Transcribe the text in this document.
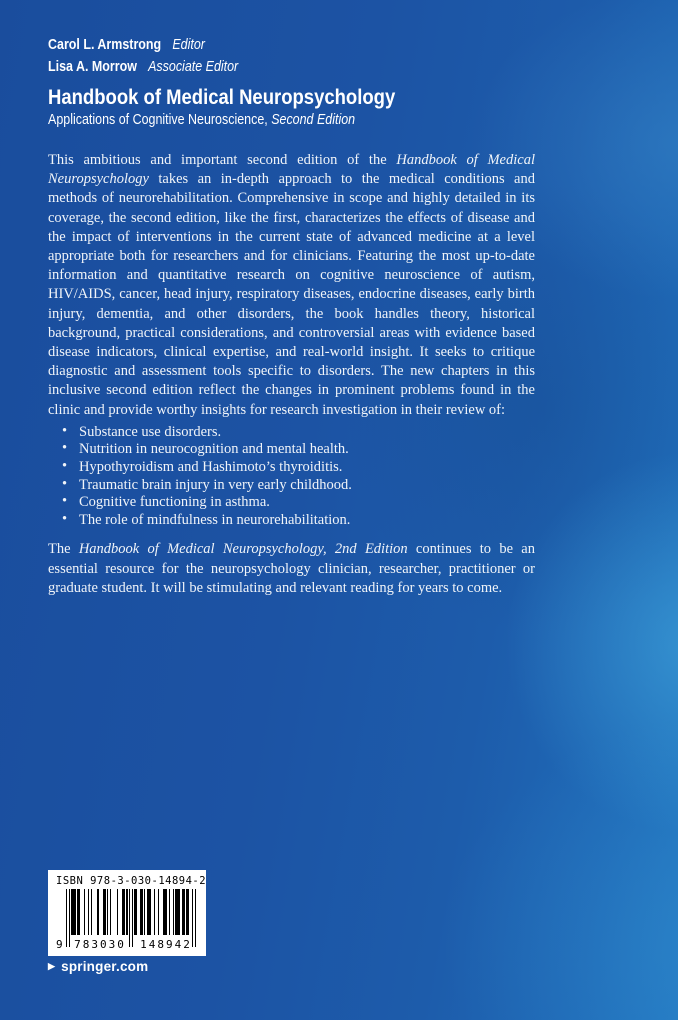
Carol L. Armstrong Editor
Lisa A. Morrow Associate Editor
Handbook of Medical Neuropsychology
Applications of Cognitive Neuroscience, Second Edition

This ambitious and important second edition of the Handbook of Medical Neuropsychology takes an in-depth approach to the medical conditions and methods of neurorehabilitation. Comprehensive in scope and highly detailed in its coverage, the second edition, like the first, characterizes the effects of disease and the impact of interventions in the current state of advanced medicine at a level appropriate both for researchers and for clinicians. Featuring the most up-to-date information and quantitative research on cognitive neuroscience of autism, HIV/AIDS, cancer, head injury, respiratory diseases, endocrine diseases, early birth injury, dementia, and other disorders, the book handles theory, historical background, practical considerations, and controversial areas with evidence based disease indicators, clinical expertise, and real-world insight. It seeks to critique diagnostic and assessment tools specific to disorders. The new chapters in this inclusive second edition reflect the changes in prominent problems found in the clinic and provide worthy insights for research investigation in their review of:

• Substance use disorders.
• Nutrition in neurocognition and mental health.
• Hypothyroidism and Hashimoto’s thyroiditis.
• Traumatic brain injury in very early childhood.
• Cognitive functioning in asthma.
• The role of mindfulness in neurorehabilitation.

The Handbook of Medical Neuropsychology, 2nd Edition continues to be an essential resource for the neuropsychology clinician, researcher, practitioner or graduate student. It will be stimulating and relevant reading for years to come.

ISBN 978-3-030-14894-2
9 783030 148942
▶ springer.com
